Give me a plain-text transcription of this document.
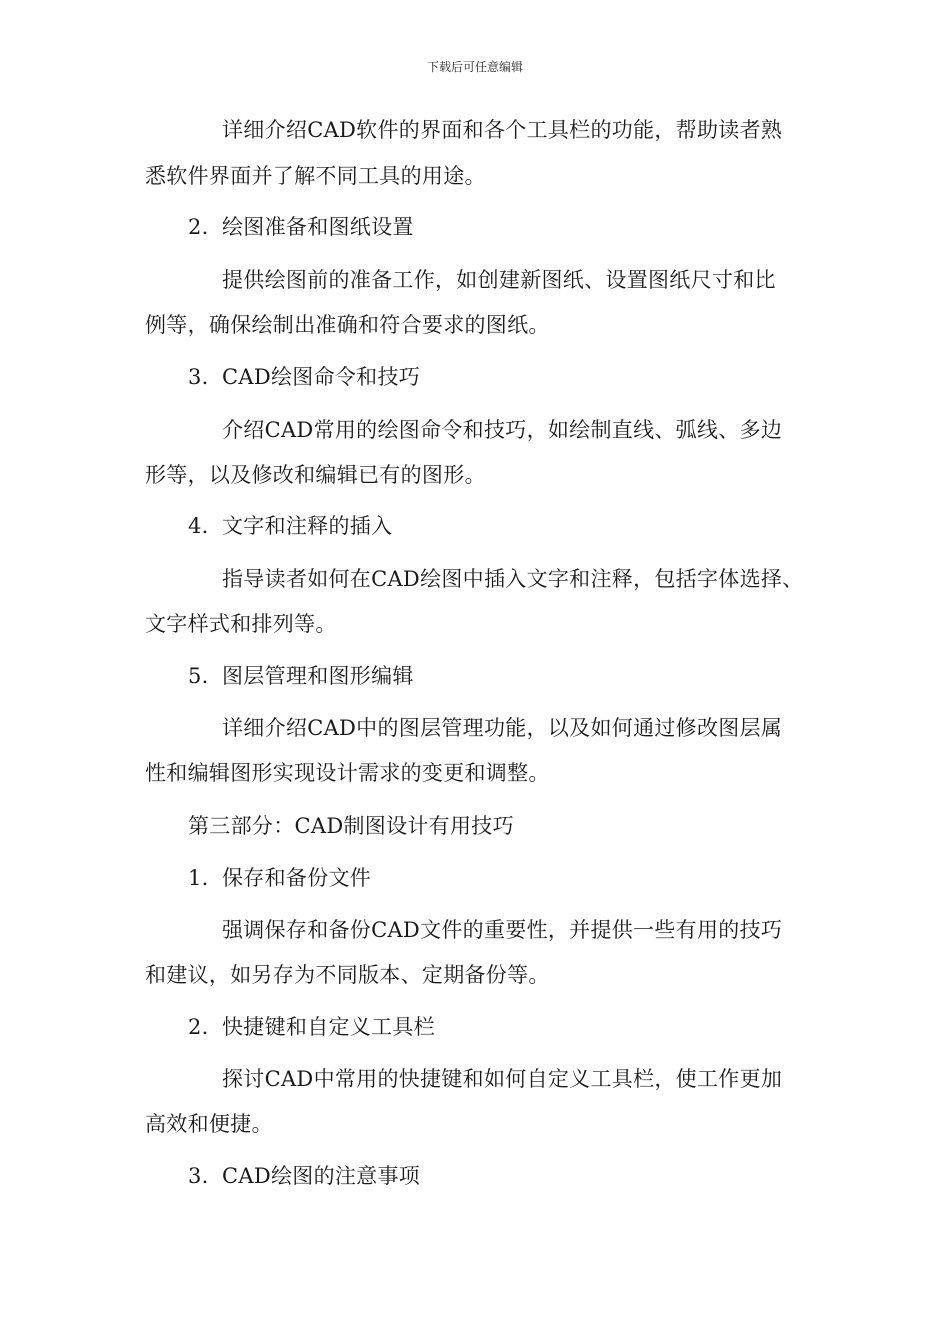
下载后可任意编辑
详细介绍CAD软件的界面和各个工具栏的功能，帮助读者熟
悉软件界面并了解不同工具的用途。
2. 绘图准备和图纸设置
提供绘图前的准备工作，如创建新图纸、设置图纸尺寸和比
例等，确保绘制出准确和符合要求的图纸。
3. CAD绘图命令和技巧
介绍CAD常用的绘图命令和技巧，如绘制直线、弧线、多边
形等，以及修改和编辑已有的图形。
4. 文字和注释的插入
指导读者如何在CAD绘图中插入文字和注释，包括字体选择、
文字样式和排列等。
5. 图层管理和图形编辑
详细介绍CAD中的图层管理功能，以及如何通过修改图层属
性和编辑图形实现设计需求的变更和调整。
第三部分：CAD制图设计有用技巧
1. 保存和备份文件
强调保存和备份CAD文件的重要性，并提供一些有用的技巧
和建议，如另存为不同版本、定期备份等。
2. 快捷键和自定义工具栏
探讨CAD中常用的快捷键和如何自定义工具栏，使工作更加
高效和便捷。
3. CAD绘图的注意事项
